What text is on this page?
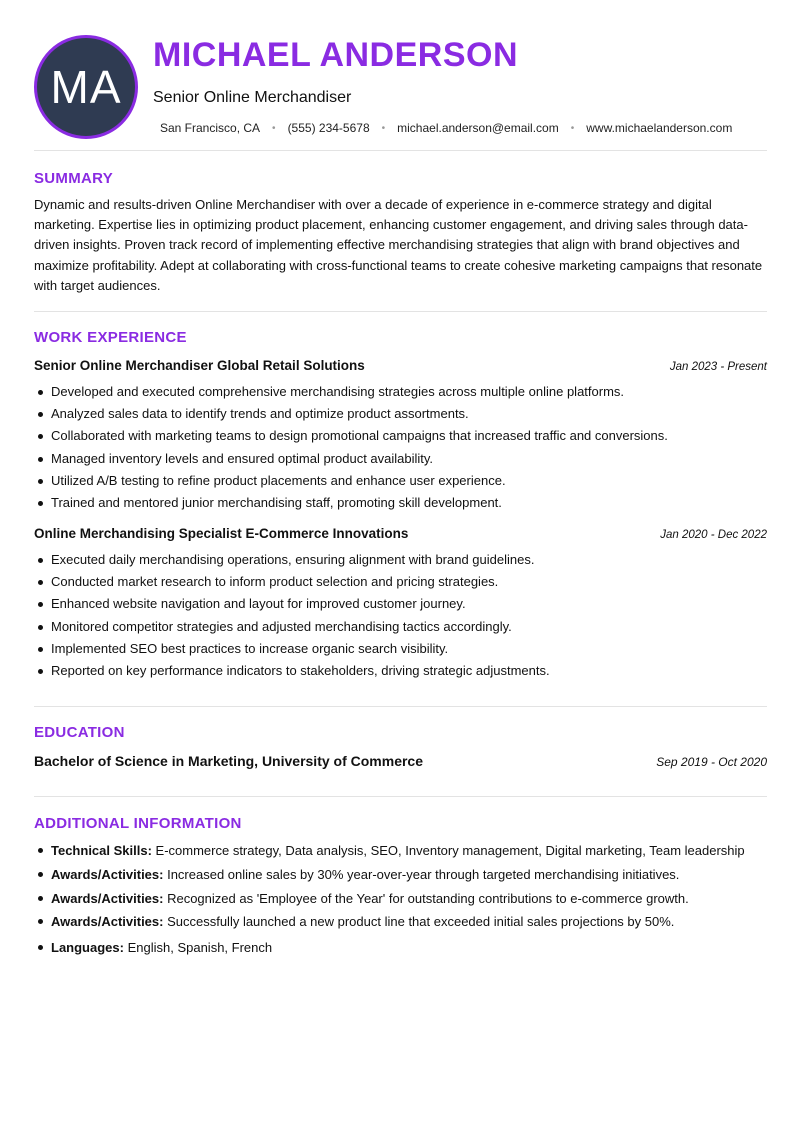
MA
MICHAEL ANDERSON
Senior Online Merchandiser
San Francisco, CA • (555) 234-5678 • michael.anderson@email.com • www.michaelanderson.com
SUMMARY

Dynamic and results-driven Online Merchandiser with over a decade of experience in e-commerce strategy and digital marketing. Expertise lies in optimizing product placement, enhancing customer engagement, and driving sales through data-driven insights. Proven track record of implementing effective merchandising strategies that align with brand objectives and maximize profitability. Adept at collaborating with cross-functional teams to create cohesive marketing campaigns that resonate with target audiences.

WORK EXPERIENCE
Senior Online Merchandiser Global Retail Solutions	Jan 2023 - Present
Developed and executed comprehensive merchandising strategies across multiple online platforms.
Analyzed sales data to identify trends and optimize product assortments.
Collaborated with marketing teams to design promotional campaigns that increased traffic and conversions.
Managed inventory levels and ensured optimal product availability.
Utilized A/B testing to refine product placements and enhance user experience.
Trained and mentored junior merchandising staff, promoting skill development.
Online Merchandising Specialist E-Commerce Innovations	Jan 2020 - Dec 2022
Executed daily merchandising operations, ensuring alignment with brand guidelines.
Conducted market research to inform product selection and pricing strategies.
Enhanced website navigation and layout for improved customer journey.
Monitored competitor strategies and adjusted merchandising tactics accordingly.
Implemented SEO best practices to increase organic search visibility.
Reported on key performance indicators to stakeholders, driving strategic adjustments.
EDUCATION
Bachelor of Science in Marketing, University of Commerce	Sep 2019 - Oct 2020
ADDITIONAL INFORMATION
Technical Skills: E-commerce strategy, Data analysis, SEO, Inventory management, Digital marketing, Team leadership
Awards/Activities: Increased online sales by 30% year-over-year through targeted merchandising initiatives.
Awards/Activities: Recognized as 'Employee of the Year' for outstanding contributions to e-commerce growth.
Awards/Activities: Successfully launched a new product line that exceeded initial sales projections by 50%.
Languages: English, Spanish, French
